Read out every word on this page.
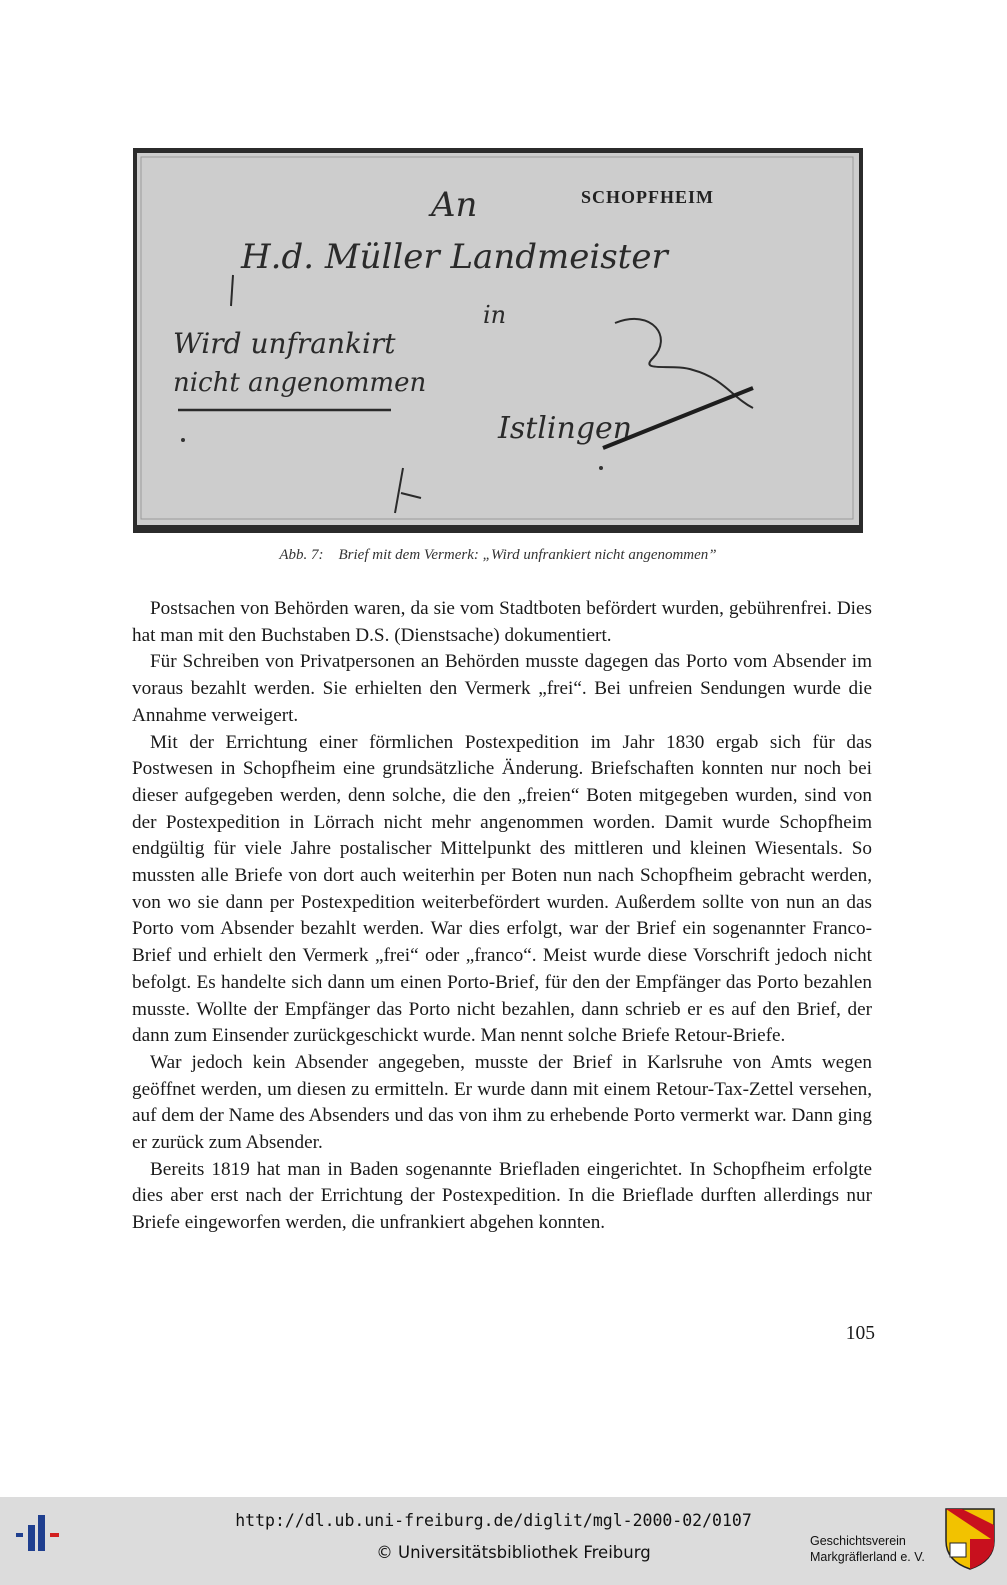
SCHOPFHEIM
An
H.d. Müller Landmeister
in
Wird unfrankirt
nicht angenommen
Istlingen
Abb. 7: Brief mit dem Vermerk: „Wird unfrankiert nicht angenommen”

Postsachen von Behörden waren, da sie vom Stadtboten befördert wurden, gebührenfrei. Dies hat man mit den Buchstaben D.S. (Dienstsache) dokumentiert.

Für Schreiben von Privatpersonen an Behörden musste dagegen das Porto vom Absender im voraus bezahlt werden. Sie erhielten den Vermerk „frei“. Bei unfreien Sendungen wurde die Annahme verweigert.

Mit der Errichtung einer förmlichen Postexpedition im Jahr 1830 ergab sich für das Postwesen in Schopfheim eine grundsätzliche Änderung. Briefschaften konnten nur noch bei dieser aufgegeben werden, denn solche, die den „freien“ Boten mitgegeben wurden, sind von der Postexpedition in Lörrach nicht mehr angenommen worden. Damit wurde Schopfheim endgültig für viele Jahre postalischer Mittelpunkt des mittleren und kleinen Wiesentals. So mussten alle Briefe von dort auch weiterhin per Boten nun nach Schopfheim gebracht werden, von wo sie dann per Postexpedition weiterbefördert wurden. Außerdem sollte von nun an das Porto vom Absender bezahlt werden. War dies erfolgt, war der Brief ein sogenannter Franco-Brief und erhielt den Vermerk „frei“ oder „franco“. Meist wurde diese Vorschrift jedoch nicht befolgt. Es handelte sich dann um einen Porto-Brief, für den der Empfänger das Porto bezahlen musste. Wollte der Empfänger das Porto nicht bezahlen, dann schrieb er es auf den Brief, der dann zum Einsender zurückgeschickt wurde. Man nennt solche Briefe Retour-Briefe.

War jedoch kein Absender angegeben, musste der Brief in Karlsruhe von Amts wegen geöffnet werden, um diesen zu ermitteln. Er wurde dann mit einem Retour-Tax-Zettel versehen, auf dem der Name des Absenders und das von ihm zu erhebende Porto vermerkt war. Dann ging er zurück zum Absender.

Bereits 1819 hat man in Baden sogenannte Briefladen eingerichtet. In Schopfheim erfolgte dies aber erst nach der Errichtung der Postexpedition. In die Brieflade durften allerdings nur Briefe eingeworfen werden, die unfrankiert abgehen konnten.

105
http://dl.ub.uni-freiburg.de/diglit/mgl-2000-02/0107
© Universitätsbibliothek Freiburg
Geschichtsverein
Markgräflerland e. V.
